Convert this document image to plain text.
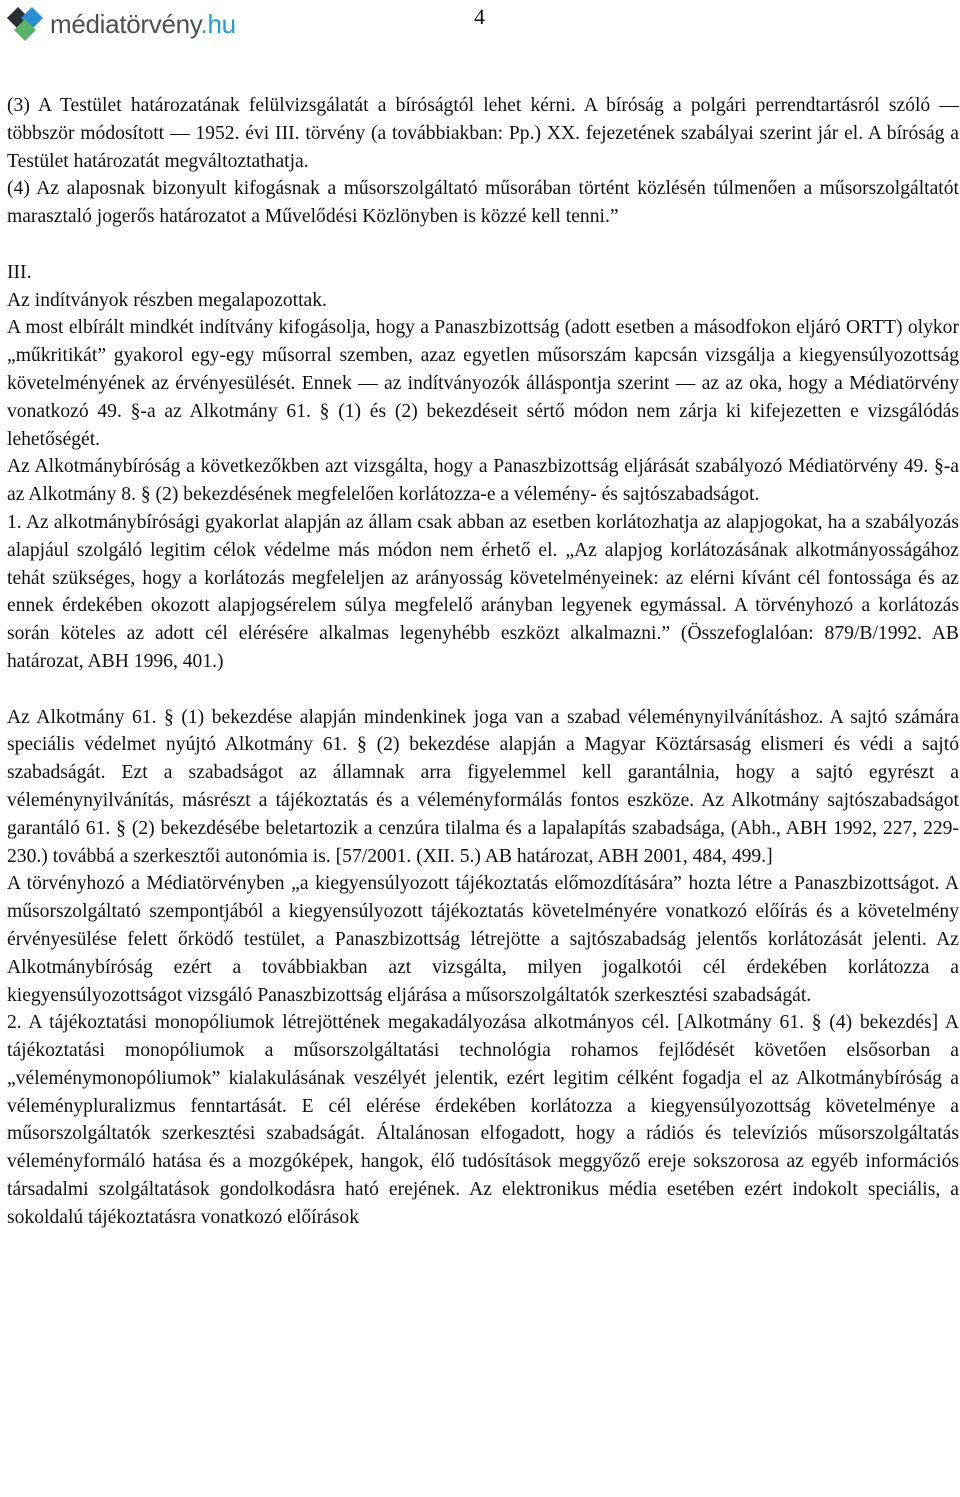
médiatörvény.hu	4

(3) A Testület határozatának felülvizsgálatát a bíróságtól lehet kérni. A bíróság a polgári perrendtartásról szóló — többször módosított — 1952. évi III. törvény (a továbbiakban: Pp.) XX. fejezetének szabályai szerint jár el. A bíróság a Testület határozatát megváltoztathatja.

(4) Az alaposnak bizonyult kifogásnak a műsorszolgáltató műsorában történt közlésén túlmenően a műsorszolgáltatót marasztaló jogerős határozatot a Művelődési Közlönyben is közzé kell tenni.”

III.

Az indítványok részben megalapozottak.

A most elbírált mindkét indítvány kifogásolja, hogy a Panaszbizottság (adott esetben a másodfokon eljáró ORTT) olykor „műkritikát” gyakorol egy-egy műsorral szemben, azaz egyetlen műsorszám kapcsán vizsgálja a kiegyensúlyozottság követelményének az érvényesülését. Ennek — az indítványozók álláspontja szerint — az az oka, hogy a Médiatörvény vonatkozó 49. §-a az Alkotmány 61. § (1) és (2) bekezdéseit sértő módon nem zárja ki kifejezetten e vizsgálódás lehetőségét.

Az Alkotmánybíróság a következőkben azt vizsgálta, hogy a Panaszbizottság eljárását szabályozó Médiatörvény 49. §-a az Alkotmány 8. § (2) bekezdésének megfelelően korlátozza-e a vélemény- és sajtószabadságot.

1. Az alkotmánybírósági gyakorlat alapján az állam csak abban az esetben korlátozhatja az alapjogokat, ha a szabályozás alapjául szolgáló legitim célok védelme más módon nem érhető el. „Az alapjog korlátozásának alkotmányosságához tehát szükséges, hogy a korlátozás megfeleljen az arányosság követelményeinek: az elérni kívánt cél fontossága és az ennek érdekében okozott alapjogsérelem súlya megfelelő arányban legyenek egymással. A törvényhozó a korlátozás során köteles az adott cél elérésére alkalmas legenyhébb eszközt alkalmazni.” (Összefoglalóan: 879/B/1992. AB határozat, ABH 1996, 401.)

Az Alkotmány 61. § (1) bekezdése alapján mindenkinek joga van a szabad véleménynyilvánításhoz. A sajtó számára speciális védelmet nyújtó Alkotmány 61. § (2) bekezdése alapján a Magyar Köztársaság elismeri és védi a sajtó szabadságát. Ezt a szabadságot az államnak arra figyelemmel kell garantálnia, hogy a sajtó egyrészt a véleménynyilvánítás, másrészt a tájékoztatás és a véleményformálás fontos eszköze. Az Alkotmány sajtószabadságot garantáló 61. § (2) bekezdésébe beletartozik a cenzúra tilalma és a lapalapítás szabadsága, (Abh., ABH 1992, 227, 229-230.) továbbá a szerkesztői autonómia is. [57/2001. (XII. 5.) AB határozat, ABH 2001, 484, 499.]

A törvényhozó a Médiatörvényben „a kiegyensúlyozott tájékoztatás előmozdítására” hozta létre a Panaszbizottságot. A műsorszolgáltató szempontjából a kiegyensúlyozott tájékoztatás követelményére vonatkozó előírás és a követelmény érvényesülése felett őrködő testület, a Panaszbizottság létrejötte a sajtószabadság jelentős korlátozását jelenti. Az Alkotmánybíróság ezért a továbbiakban azt vizsgálta, milyen jogalkotói cél érdekében korlátozza a kiegyensúlyozottságot vizsgáló Panaszbizottság eljárása a műsorszolgáltatók szerkesztési szabadságát.

2. A tájékoztatási monopóliumok létrejöttének megakadályozása alkotmányos cél. [Alkotmány 61. § (4) bekezdés] A tájékoztatási monopóliumok a műsorszolgáltatási technológia rohamos fejlődését követően elsősorban a „véleménymonopóliumok” kialakulásának veszélyét jelentik, ezért legitim célként fogadja el az Alkotmánybíróság a véleménypluralizmus fenntartását. E cél elérése érdekében korlátozza a kiegyensúlyozottság követelménye a műsorszolgáltatók szerkesztési szabadságát. Általánosan elfogadott, hogy a rádiós és televíziós műsorszolgáltatás véleményformáló hatása és a mozgóképek, hangok, élő tudósítások meggyőző ereje sokszorosa az egyéb információs társadalmi szolgáltatások gondolkodásra ható erejének. Az elektronikus média esetében ezért indokolt speciális, a sokoldalú tájékoztatásra vonatkozó előírások
